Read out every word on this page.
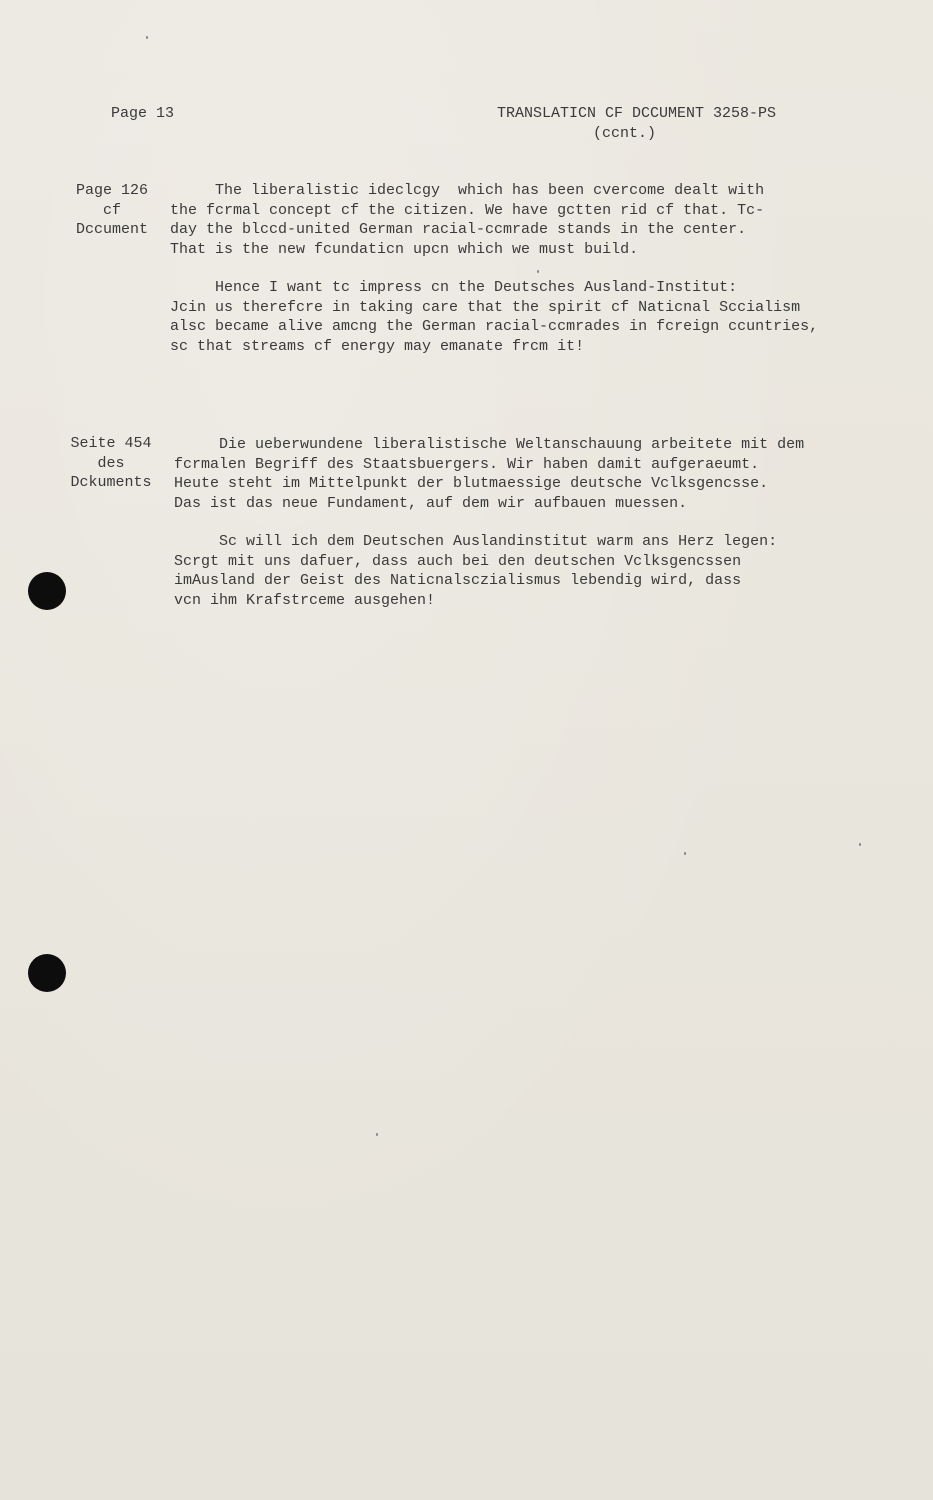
Page 13	TRANSLATICN CF DCCUMENT 3258-PS
(ccnt.)
Page 126
cf
Dccument
The liberalistic ideclcgy  which has been cvercome dealt with
the fcrmal concept cf the citizen. We have gctten rid cf that. Tc-
day the blccd-united German racial-ccmrade stands in the center.
That is the new fcundaticn upcn which we must build.
Hence I want tc impress cn the Deutsches Ausland-Institut:
Jcin us therefcre in taking care that the spirit cf Naticnal Sccialism
alsc became alive amcng the German racial-ccmrades in fcreign ccuntries,
sc that streams cf energy may emanate frcm it!
Seite 454
des
Dckuments
Die ueberwundene liberalistische Weltanschauung arbeitete mit dem
fcrmalen Begriff des Staatsbuergers. Wir haben damit aufgeraeumt.
Heute steht im Mittelpunkt der blutmaessige deutsche Vclksgencsse.
Das ist das neue Fundament, auf dem wir aufbauen muessen.
Sc will ich dem Deutschen Auslandinstitut warm ans Herz legen:
Scrgt mit uns dafuer, dass auch bei den deutschen Vclksgencssen
imAusland der Geist des Naticnalsczialismus lebendig wird, dass
vcn ihm Krafstrceme ausgehen!
